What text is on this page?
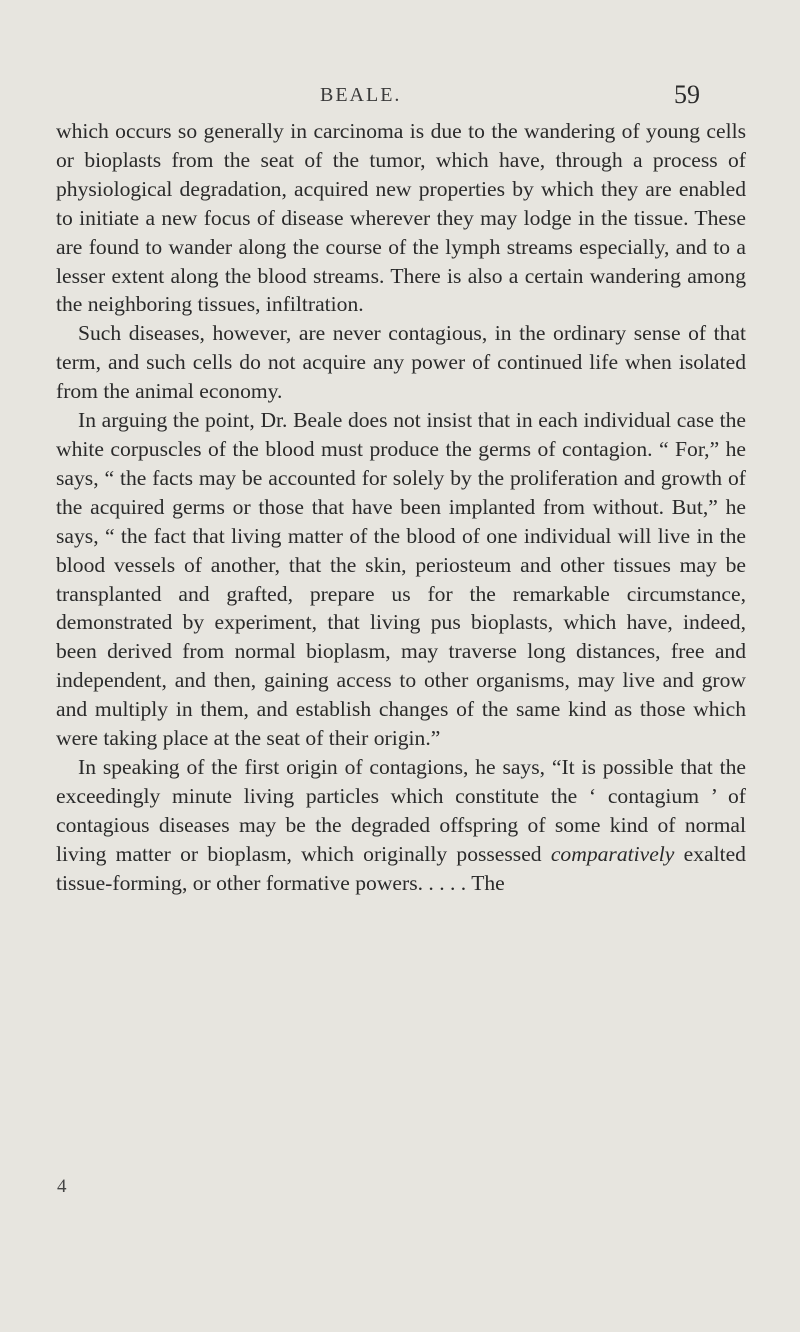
BEALE.	59

which occurs so generally in carcinoma is due to the wandering of young cells or bioplasts from the seat of the tumor, which have, through a process of physiological degradation, acquired new properties by which they are enabled to initiate a new focus of disease wherever they may lodge in the tissue. These are found to wander along the course of the lymph streams especially, and to a lesser extent along the blood streams. There is also a certain wandering among the neighboring tissues, infiltration.

Such diseases, however, are never contagious, in the ordinary sense of that term, and such cells do not acquire any power of continued life when isolated from the animal economy.

In arguing the point, Dr. Beale does not insist that in each individual case the white corpuscles of the blood must produce the germs of contagion. “ For,” he says, “ the facts may be accounted for solely by the proliferation and growth of the acquired germs or those that have been implanted from without. But,” he says, “ the fact that living matter of the blood of one individual will live in the blood vessels of another, that the skin, periosteum and other tissues may be transplanted and grafted, prepare us for the remarkable circumstance, demonstrated by experiment, that living pus bioplasts, which have, indeed, been derived from normal bioplasm, may traverse long distances, free and independent, and then, gaining access to other organisms, may live and grow and multiply in them, and establish changes of the same kind as those which were taking place at the seat of their origin.”

In speaking of the first origin of contagions, he says, “It is possible that the exceedingly minute living particles which constitute the ‘ contagium ’ of contagious diseases may be the degraded offspring of some kind of normal living matter or bioplasm, which originally possessed comparatively exalted tissue-forming, or other formative powers. . . . . The

4
